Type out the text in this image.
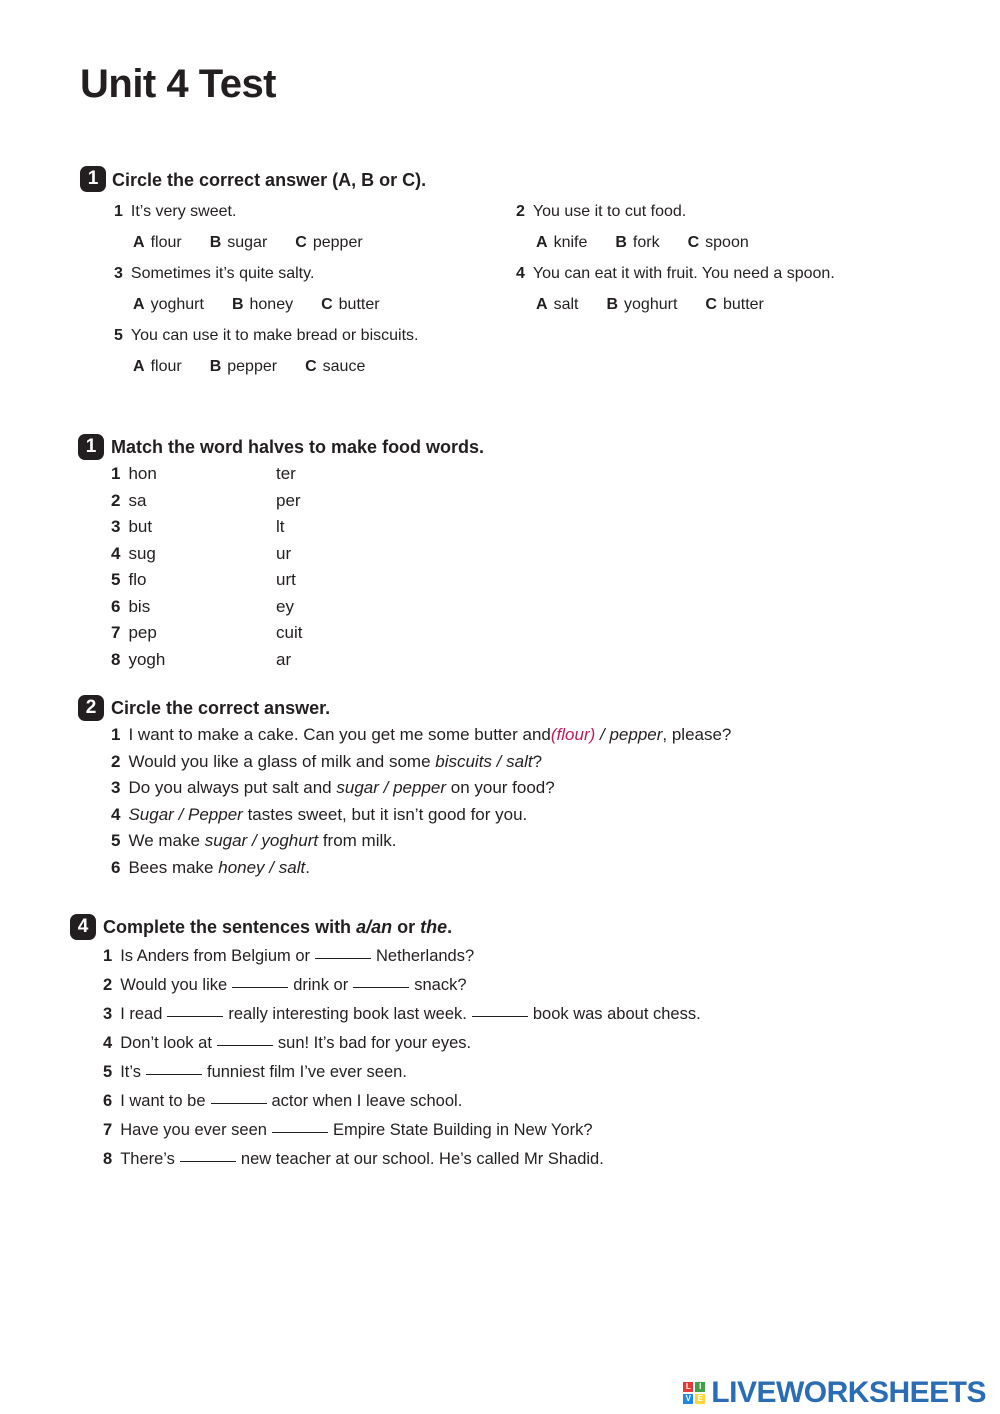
Unit 4 Test
1 Circle the correct answer (A, B or C).
1 It’s very sweet.
A flour B sugar C pepper
2 You use it to cut food.
A knife B fork C spoon
3 Sometimes it’s quite salty.
A yoghurt B honey C butter
4 You can eat it with fruit. You need a spoon.
A salt B yoghurt C butter
5 You can use it to make bread or biscuits.
A flour B pepper C sauce
1 Match the word halves to make food words.
1 hon	ter
2 sa	per
3 but	lt
4 sug	ur
5 flo	urt
6 bis	ey
7 pep	cuit
8 yogh	ar
2 Circle the correct answer.
1 I want to make a cake. Can you get me some butter and(flour) / pepper, please?
2 Would you like a glass of milk and some biscuits / salt?
3 Do you always put salt and sugar / pepper on your food?
4 Sugar / Pepper tastes sweet, but it isn’t good for you.
5 We make sugar / yoghurt from milk.
6 Bees make honey / salt.
4 Complete the sentences with a/an or the.
1 Is Anders from Belgium or	Netherlands?
2 Would you like	drink or	snack?
3 I read	really interesting book last week.	book was about chess.
4 Don’t look at	sun! It’s bad for your eyes.
5 It’s	funniest film I’ve ever seen.
6 I want to be	actor when I leave school.
7 Have you ever seen	Empire State Building in New York?
8 There’s	new teacher at our school. He’s called Mr Shadid.
L	I
V E LIVEWORKSHEETS
